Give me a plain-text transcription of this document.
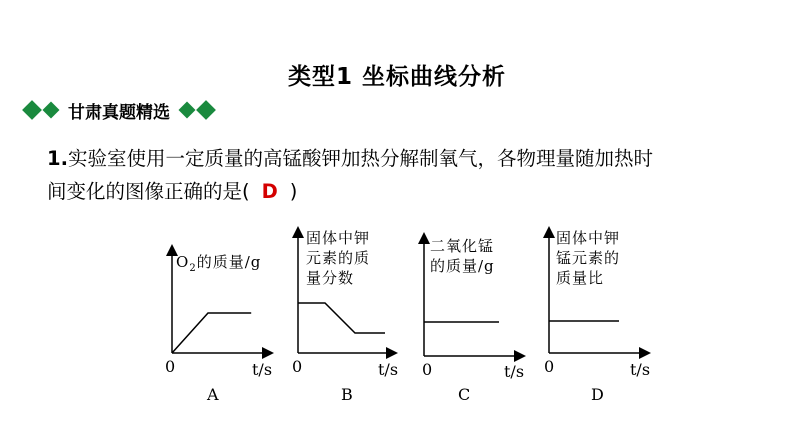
类型1 坐标曲线分析
甘肃真题精选
1.实验室使用一定质量的高锰酸钾加热分解制氧气，各物理量随加热时
间变化的图像正确的是( D )
$O_2$的质量/g
0	t/s
A
固体中钾
元素的质
量分数
0	t/s
B
二氧化锰
的质量/g
0	t/s
C
固体中钾
锰元素的
质量比
0	t/s
D
